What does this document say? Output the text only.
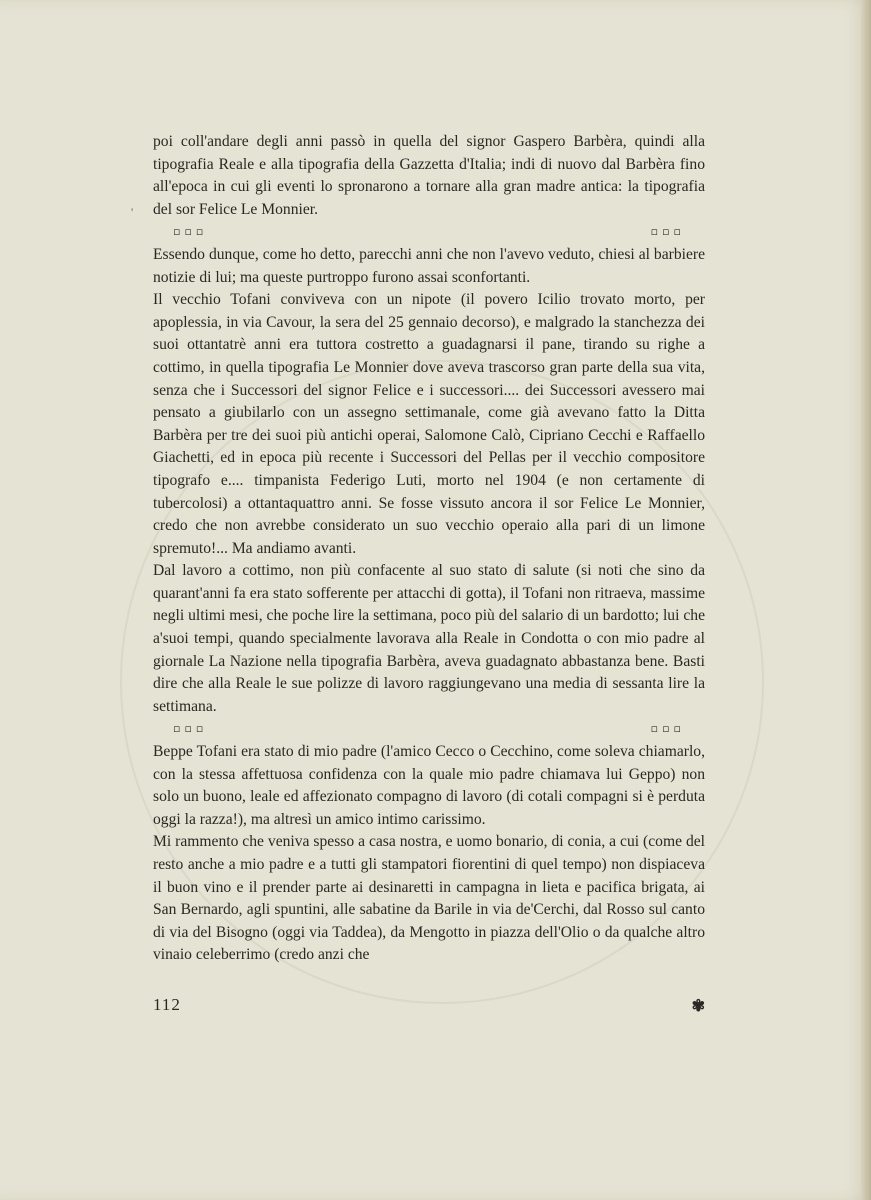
'

poi coll'andare degli anni passò in quella del signor Gaspero Barbèra, quindi alla tipografia Reale e alla tipografia della Gazzetta d'Italia; indi di nuovo dal Barbèra fino all'epoca in cui gli eventi lo spronarono a tornare alla gran madre antica: la tipografia del sor Felice Le Monnier.

▫▫▫	▫▫▫

Essendo dunque, come ho detto, parecchi anni che non l'avevo veduto, chiesi al barbiere notizie di lui; ma queste purtroppo furono assai sconfortanti.

Il vecchio Tofani conviveva con un nipote (il povero Icilio trovato morto, per apoplessia, in via Cavour, la sera del 25 gennaio decorso), e malgrado la stanchezza dei suoi ottantatrè anni era tuttora costretto a guadagnarsi il pane, tirando su righe a cottimo, in quella tipografia Le Monnier dove aveva trascorso gran parte della sua vita, senza che i Successori del signor Felice e i successori.... dei Successori avessero mai pensato a giubilarlo con un assegno settimanale, come già avevano fatto la Ditta Barbèra per tre dei suoi più antichi operai, Salomone Calò, Cipriano Cecchi e Raffaello Giachetti, ed in epoca più recente i Successori del Pellas per il vecchio compositore tipografo e.... timpanista Federigo Luti, morto nel 1904 (e non certamente di tubercolosi) a ottantaquattro anni. Se fosse vissuto ancora il sor Felice Le Monnier, credo che non avrebbe considerato un suo vecchio operaio alla pari di un limone spremuto!... Ma andiamo avanti.

Dal lavoro a cottimo, non più confacente al suo stato di salute (si noti che sino da quarant'anni fa era stato sofferente per attacchi di gotta), il Tofani non ritraeva, massime negli ultimi mesi, che poche lire la settimana, poco più del salario di un bardotto; lui che a'suoi tempi, quando specialmente lavorava alla Reale in Condotta o con mio padre al giornale La Nazione nella tipografia Barbèra, aveva guadagnato abbastanza bene. Basti dire che alla Reale le sue polizze di lavoro raggiungevano una media di sessanta lire la settimana.

▫▫▫	▫▫▫

Beppe Tofani era stato di mio padre (l'amico Cecco o Cecchino, come soleva chiamarlo, con la stessa affettuosa confidenza con la quale mio padre chiamava lui Geppo) non solo un buono, leale ed affezionato compagno di lavoro (di cotali compagni si è perduta oggi la razza!), ma altresì un amico intimo carissimo.

Mi rammento che veniva spesso a casa nostra, e uomo bonario, di conia, a cui (come del resto anche a mio padre e a tutti gli stampatori fiorentini di quel tempo) non dispiaceva il buon vino e il prender parte ai desinaretti in campagna in lieta e pacifica brigata, ai San Bernardo, agli spuntini, alle sabatine da Barile in via de'Cerchi, dal Rosso sul canto di via del Bisogno (oggi via Taddea), da Mengotto in piazza dell'Olio o da qualche altro vinaio celeberrimo (credo anzi che

112	✾
